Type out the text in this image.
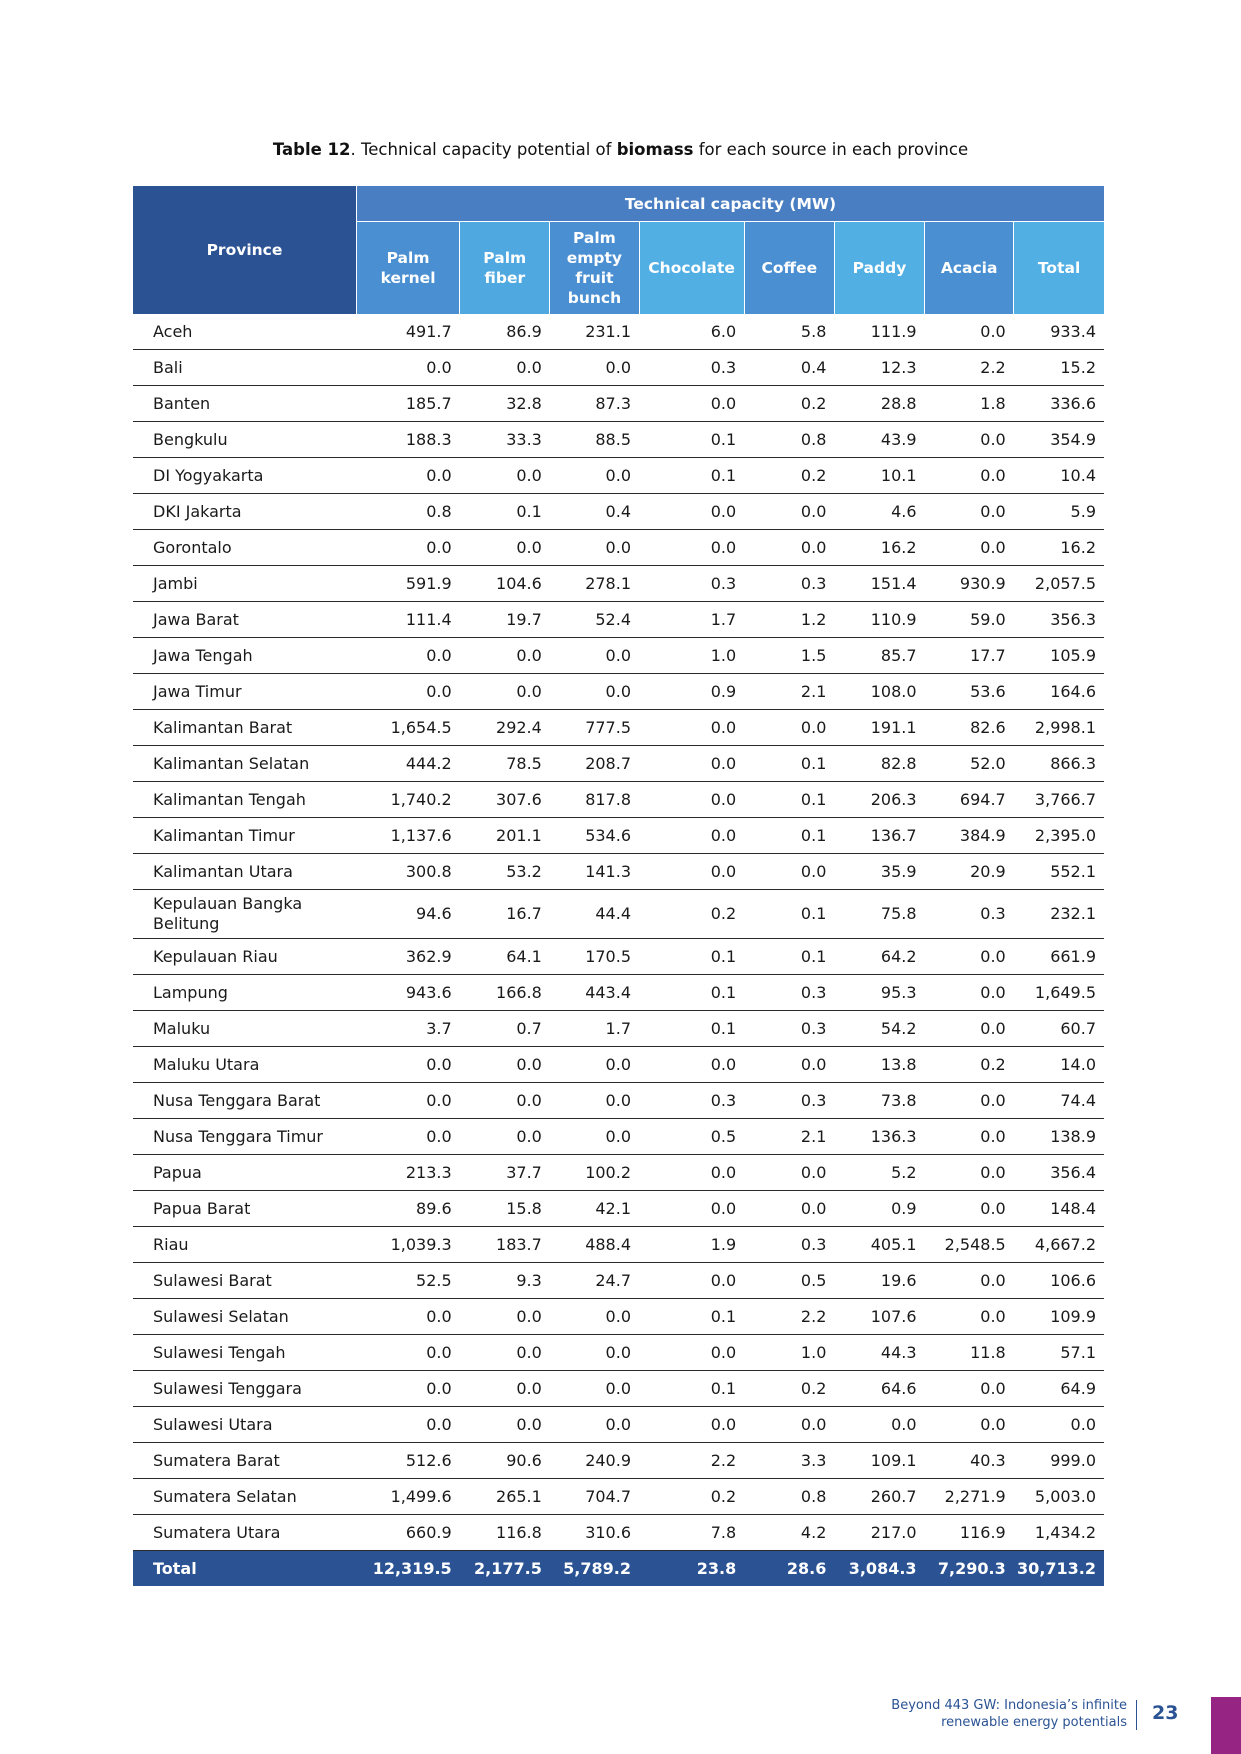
Table 12. Technical capacity potential of biomass for each source in each province
Province	Technical capacity (MW)							
	Palm kernel	Palm fiber	Palm empty fruit bunch	Chocolate	Coffee	Paddy	Acacia	Total
Aceh	491.7	86.9	231.1	6.0	5.8	111.9	0.0	933.4
Bali	0.0	0.0	0.0	0.3	0.4	12.3	2.2	15.2
Banten	185.7	32.8	87.3	0.0	0.2	28.8	1.8	336.6
Bengkulu	188.3	33.3	88.5	0.1	0.8	43.9	0.0	354.9
DI Yogyakarta	0.0	0.0	0.0	0.1	0.2	10.1	0.0	10.4
DKI Jakarta	0.8	0.1	0.4	0.0	0.0	4.6	0.0	5.9
Gorontalo	0.0	0.0	0.0	0.0	0.0	16.2	0.0	16.2
Jambi	591.9	104.6	278.1	0.3	0.3	151.4	930.9	2,057.5
Jawa Barat	111.4	19.7	52.4	1.7	1.2	110.9	59.0	356.3
Jawa Tengah	0.0	0.0	0.0	1.0	1.5	85.7	17.7	105.9
Jawa Timur	0.0	0.0	0.0	0.9	2.1	108.0	53.6	164.6
Kalimantan Barat	1,654.5	292.4	777.5	0.0	0.0	191.1	82.6	2,998.1
Kalimantan Selatan	444.2	78.5	208.7	0.0	0.1	82.8	52.0	866.3
Kalimantan Tengah	1,740.2	307.6	817.8	0.0	0.1	206.3	694.7	3,766.7
Kalimantan Timur	1,137.6	201.1	534.6	0.0	0.1	136.7	384.9	2,395.0
Kalimantan Utara	300.8	53.2	141.3	0.0	0.0	35.9	20.9	552.1
Kepulauan Bangka Belitung	94.6	16.7	44.4	0.2	0.1	75.8	0.3	232.1
Kepulauan Riau	362.9	64.1	170.5	0.1	0.1	64.2	0.0	661.9
Lampung	943.6	166.8	443.4	0.1	0.3	95.3	0.0	1,649.5
Maluku	3.7	0.7	1.7	0.1	0.3	54.2	0.0	60.7
Maluku Utara	0.0	0.0	0.0	0.0	0.0	13.8	0.2	14.0
Nusa Tenggara Barat	0.0	0.0	0.0	0.3	0.3	73.8	0.0	74.4
Nusa Tenggara Timur	0.0	0.0	0.0	0.5	2.1	136.3	0.0	138.9
Papua	213.3	37.7	100.2	0.0	0.0	5.2	0.0	356.4
Papua Barat	89.6	15.8	42.1	0.0	0.0	0.9	0.0	148.4
Riau	1,039.3	183.7	488.4	1.9	0.3	405.1	2,548.5	4,667.2
Sulawesi Barat	52.5	9.3	24.7	0.0	0.5	19.6	0.0	106.6
Sulawesi Selatan	0.0	0.0	0.0	0.1	2.2	107.6	0.0	109.9
Sulawesi Tengah	0.0	0.0	0.0	0.0	1.0	44.3	11.8	57.1
Sulawesi Tenggara	0.0	0.0	0.0	0.1	0.2	64.6	0.0	64.9
Sulawesi Utara	0.0	0.0	0.0	0.0	0.0	0.0	0.0	0.0
Sumatera Barat	512.6	90.6	240.9	2.2	3.3	109.1	40.3	999.0
Sumatera Selatan	1,499.6	265.1	704.7	0.2	0.8	260.7	2,271.9	5,003.0
Sumatera Utara	660.9	116.8	310.6	7.8	4.2	217.0	116.9	1,434.2
Total	12,319.5	2,177.5	5,789.2	23.8	28.6	3,084.3	7,290.3	30,713.2
Beyond 443 GW: Indonesia’s infinite
renewable energy potentials 23
